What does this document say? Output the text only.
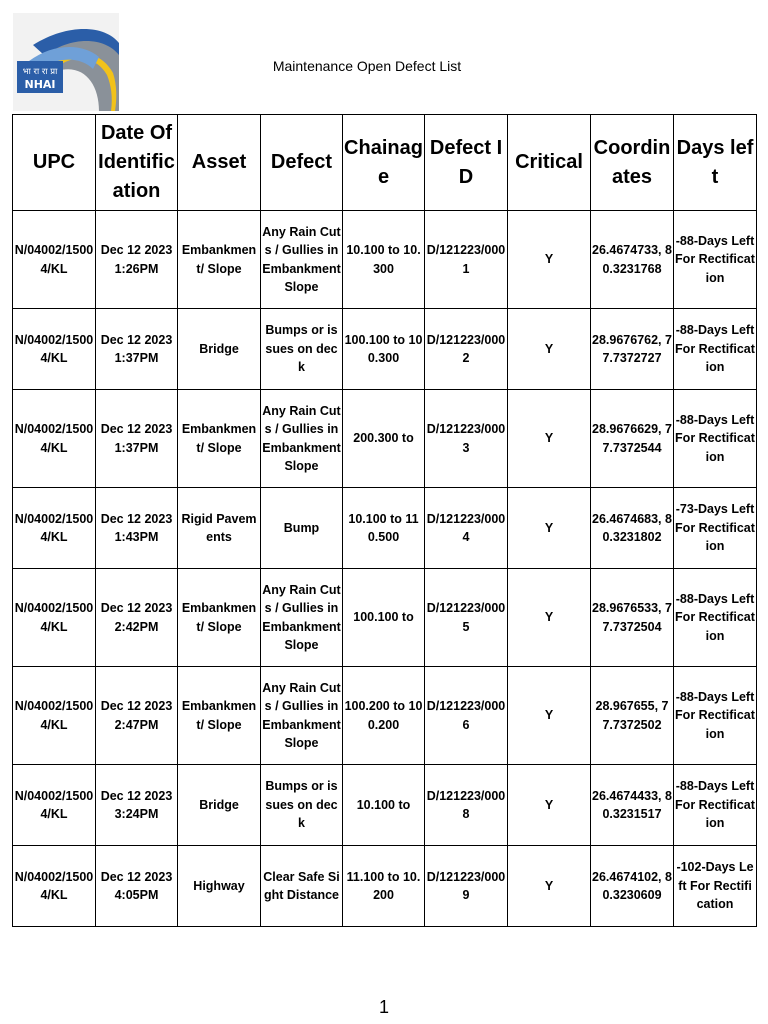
भा रा रा प्रा
NHAI
Maintenance Open Defect List
UPC	Date Of Identification	Asset	Defect	Chainage	Defect ID	Critical	Coordinates	Days left
N/04002/15004/KL	Dec 12 2023 1:26PM	Embankment/ Slope	Any Rain Cuts / Gullies in Embankment Slope	10.100 to 10.300	D/121223/0001	Y	26.4674733, 80.3231768	-88-Days Left For Rectification
N/04002/15004/KL	Dec 12 2023 1:37PM	Bridge	Bumps or issues on deck	100.100 to 100.300	D/121223/0002	Y	28.9676762, 77.7372727	-88-Days Left For Rectification
N/04002/15004/KL	Dec 12 2023 1:37PM	Embankment/ Slope	Any Rain Cuts / Gullies in Embankment Slope	200.300 to	D/121223/0003	Y	28.9676629, 77.7372544	-88-Days Left For Rectification
N/04002/15004/KL	Dec 12 2023 1:43PM	Rigid Pavements	Bump	10.100 to 110.500	D/121223/0004	Y	26.4674683, 80.3231802	-73-Days Left For Rectification
N/04002/15004/KL	Dec 12 2023 2:42PM	Embankment/ Slope	Any Rain Cuts / Gullies in Embankment Slope	100.100 to	D/121223/0005	Y	28.9676533, 77.7372504	-88-Days Left For Rectification
N/04002/15004/KL	Dec 12 2023 2:47PM	Embankment/ Slope	Any Rain Cuts / Gullies in Embankment Slope	100.200 to 100.200	D/121223/0006	Y	28.967655, 77.7372502	-88-Days Left For Rectification
N/04002/15004/KL	Dec 12 2023 3:24PM	Bridge	Bumps or issues on deck	10.100 to	D/121223/0008	Y	26.4674433, 80.3231517	-88-Days Left For Rectification
N/04002/15004/KL	Dec 12 2023 4:05PM	Highway	Clear Safe Sight Distance	11.100 to 10.200	D/121223/0009	Y	26.4674102, 80.3230609	-102-Days Left For Rectification
1
